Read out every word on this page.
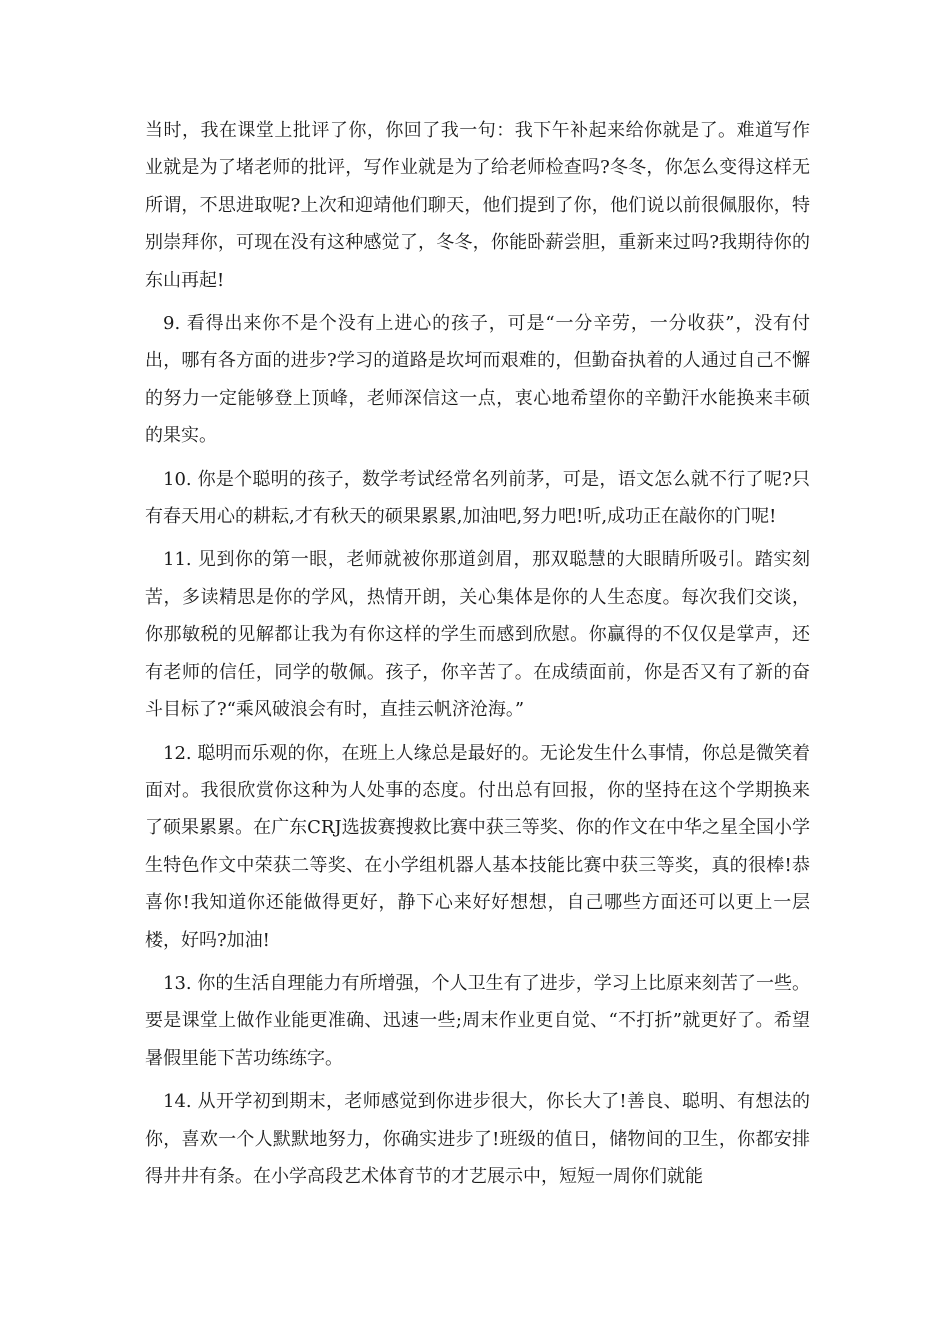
当时，我在课堂上批评了你，你回了我一句：我下午补起来给你就是了。难道写作业就是为了堵老师的批评，写作业就是为了给老师检查吗?冬冬，你怎么变得这样无所谓，不思进取呢?上次和迎靖他们聊天，他们提到了你，他们说以前很佩服你，特别崇拜你，可现在没有这种感觉了，冬冬，你能卧薪尝胆，重新来过吗?我期待你的东山再起!

9. 看得出来你不是个没有上进心的孩子，可是“一分辛劳，一分收获”，没有付出，哪有各方面的进步?学习的道路是坎坷而艰难的，但勤奋执着的人通过自己不懈的努力一定能够登上顶峰，老师深信这一点，衷心地希望你的辛勤汗水能换来丰硕的果实。

10. 你是个聪明的孩子，数学考试经常名列前茅，可是，语文怎么就不行了呢?只有春天用心的耕耘,才有秋天的硕果累累,加油吧,努力吧!听,成功正在敲你的门呢!

11. 见到你的第一眼，老师就被你那道剑眉，那双聪慧的大眼睛所吸引。踏实刻苦，多读精思是你的学风，热情开朗，关心集体是你的人生态度。每次我们交谈，你那敏税的见解都让我为有你这样的学生而感到欣慰。你赢得的不仅仅是掌声，还有老师的信任，同学的敬佩。孩子，你辛苦了。在成绩面前，你是否又有了新的奋斗目标了?“乘风破浪会有时，直挂云帆济沧海。”

12. 聪明而乐观的你，在班上人缘总是最好的。无论发生什么事情，你总是微笑着面对。我很欣赏你这种为人处事的态度。付出总有回报，你的坚持在这个学期换来了硕果累累。在广东CRJ选拔赛搜救比赛中获三等奖、你的作文在中华之星全国小学生特色作文中荣获二等奖、在小学组机器人基本技能比赛中获三等奖，真的很棒!恭喜你!我知道你还能做得更好，静下心来好好想想，自己哪些方面还可以更上一层楼，好吗?加油!

13. 你的生活自理能力有所增强，个人卫生有了进步，学习上比原来刻苦了一些。要是课堂上做作业能更准确、迅速一些;周末作业更自觉、“不打折”就更好了。希望暑假里能下苦功练练字。

14. 从开学初到期末，老师感觉到你进步很大，你长大了!善良、聪明、有想法的你，喜欢一个人默默地努力，你确实进步了!班级的值日，储物间的卫生，你都安排得井井有条。在小学高段艺术体育节的才艺展示中，短短一周你们就能
